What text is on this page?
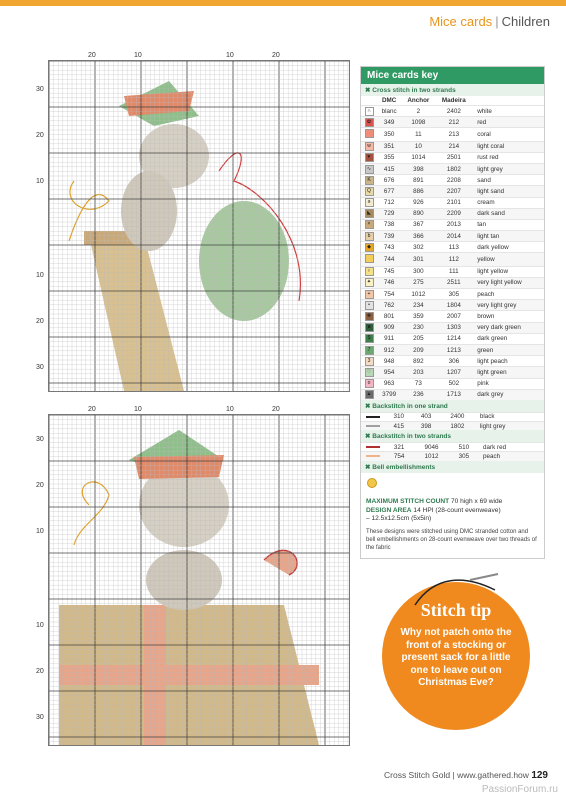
Mice cards | Children
20	10	10	20
30
20
10
10
20
30
20	10	10	20
30
20
10
10
20
30
Mice cards key
✖ Cross stitch in two strands
	DMC	Anchor	Madeira	
∩	blanc	2	2402	white
✿	349	1098	212	red
	350	11	213	coral
w	351	10	214	light coral
♥	355	1014	2501	rust red
∿	415	398	1802	light grey
K	676	891	2208	sand
Q	677	886	2207	light sand
ə	712	926	2101	cream
◣	729	890	2209	dark sand
×	738	367	2013	tan
b	739	366	2014	light tan
◆	743	302	113	dark yellow
	744	301	112	yellow
♀	745	300	111	light yellow
✦	746	275	2511	very light yellow
+	754	1012	305	peach
•	762	234	1804	very light grey
✚	801	359	2007	brown
■	909	230	1303	very dark green
$	911	205	1214	dark green
7	912	209	1213	green
3	948	892	306	light peach
♡	954	203	1207	light green
o	963	73	502	pink
▲	3799	236	1713	dark grey
✖ Backstitch in one strand
	310	403	2400	black
	415	398	1802	light grey
✖ Backstitch in two strands
	321	9046	510	dark red
	754	1012	305	peach
✖ Bell embellishments
MAXIMUM STITCH COUNT 70 high x 69 wide
DESIGN AREA 14 HPI (28-count evenweave)
– 12.5x12.5cm (5x5in)
These designs were stitched using DMC stranded cotton and bell embellishments on 28-count evenweave over two threads of the fabric
Stitch tip
Why not patch onto the front of a stocking or present sack for a little one to leave out on Christmas Eve?
Cross Stitch Gold | www.gathered.how 129
PassionForum.ru
